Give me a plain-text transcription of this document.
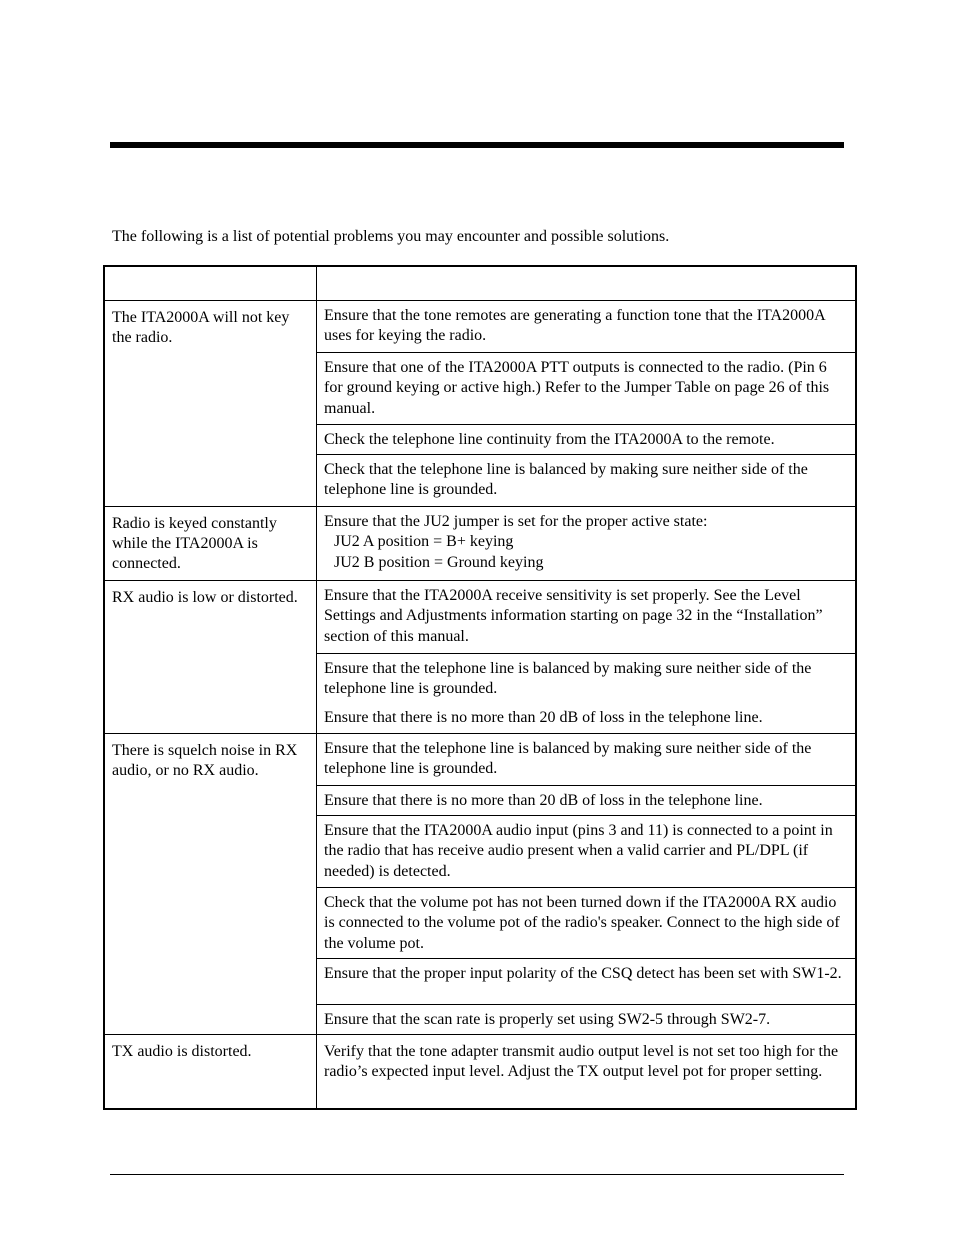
The following is a list of potential problems you may encounter and possible solutions.
The ITA2000A will not key the radio.
Ensure that the tone remotes are generating a function tone that the ITA2000A uses for keying the radio.
Ensure that one of the ITA2000A PTT outputs is connected to the radio. (Pin 6 for ground keying or active high.) Refer to the Jumper Table on page 26 of this manual.
Check the telephone line continuity from the ITA2000A to the remote.
Check that the telephone line is balanced by making sure neither side of the telephone line is grounded.
Radio is keyed constantly while the ITA2000A is connected.
Ensure that the JU2 jumper is set for the proper active state:
JU2 A position = B+ keying
JU2 B position = Ground keying
RX audio is low or distorted.	Ensure that the ITA2000A receive sensitivity is set properly. See the Level Settings and Adjustments information starting on page 32 in the “Installation” section of this manual.
Ensure that the telephone line is balanced by making sure neither side of the telephone line is grounded.
Ensure that there is no more than 20 dB of loss in the telephone line.
There is squelch noise in RX audio, or no RX audio.
Ensure that the telephone line is balanced by making sure neither side of the telephone line is grounded.
Ensure that there is no more than 20 dB of loss in the telephone line.
Ensure that the ITA2000A audio input (pins 3 and 11) is connected to a point in the radio that has receive audio present when a valid carrier and PL/DPL (if needed) is detected.
Check that the volume pot has not been turned down if the ITA2000A RX audio is connected to the volume pot of the radio's speaker. Connect to the high side of the volume pot.
Ensure that the proper input polarity of the CSQ detect has been set with SW1-2.
Ensure that the scan rate is properly set using SW2-5 through SW2-7.
TX audio is distorted.	Verify that the tone adapter transmit audio output level is not set too high for the radio’s expected input level. Adjust the TX output level pot for proper setting.
